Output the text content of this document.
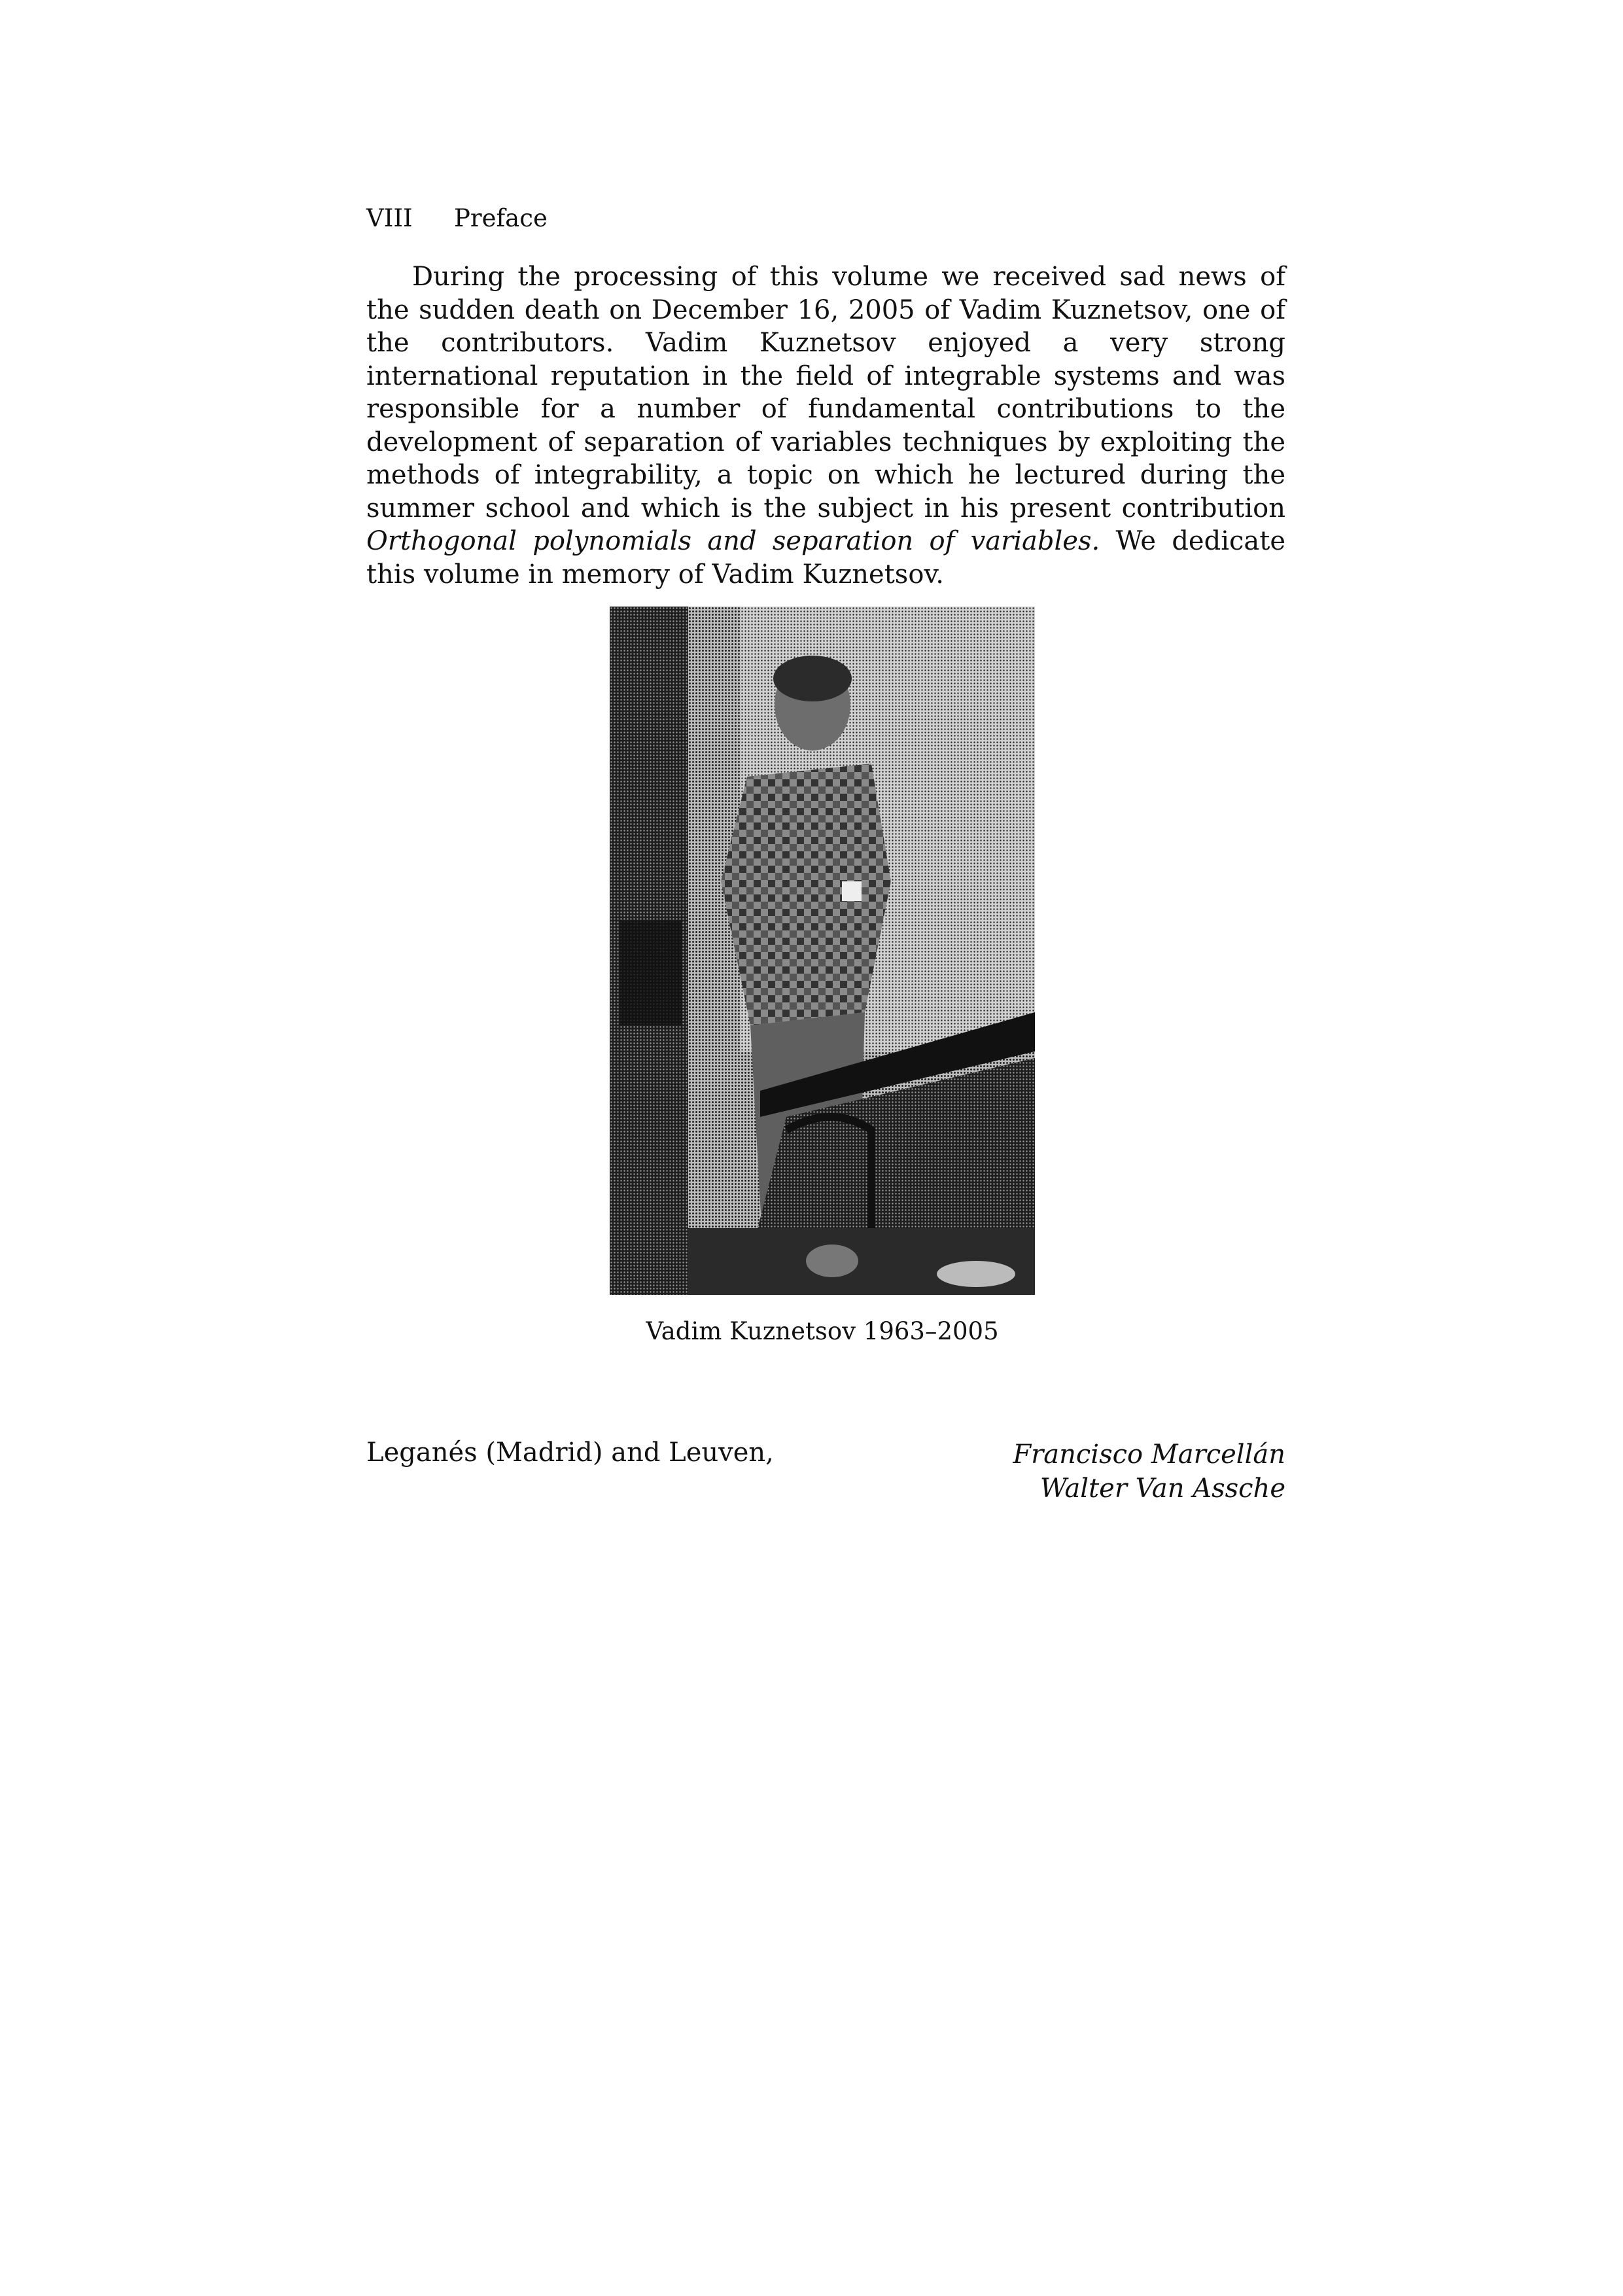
VIII Preface

During the processing of this volume we received sad news of the sudden death on December 16, 2005 of Vadim Kuznetsov, one of the contributors. Vadim Kuznetsov enjoyed a very strong international reputation in the field of integrable systems and was responsible for a number of fundamental contributions to the development of separation of variables techniques by exploiting the methods of integrability, a topic on which he lectured during the summer school and which is the subject in his present contribution Orthogonal polynomials and separation of variables. We dedicate this volume in memory of Vadim Kuznetsov.

Vadim Kuznetsov 1963–2005
Leganés (Madrid) and Leuven,	Francisco Marcellán
Walter Van Assche
